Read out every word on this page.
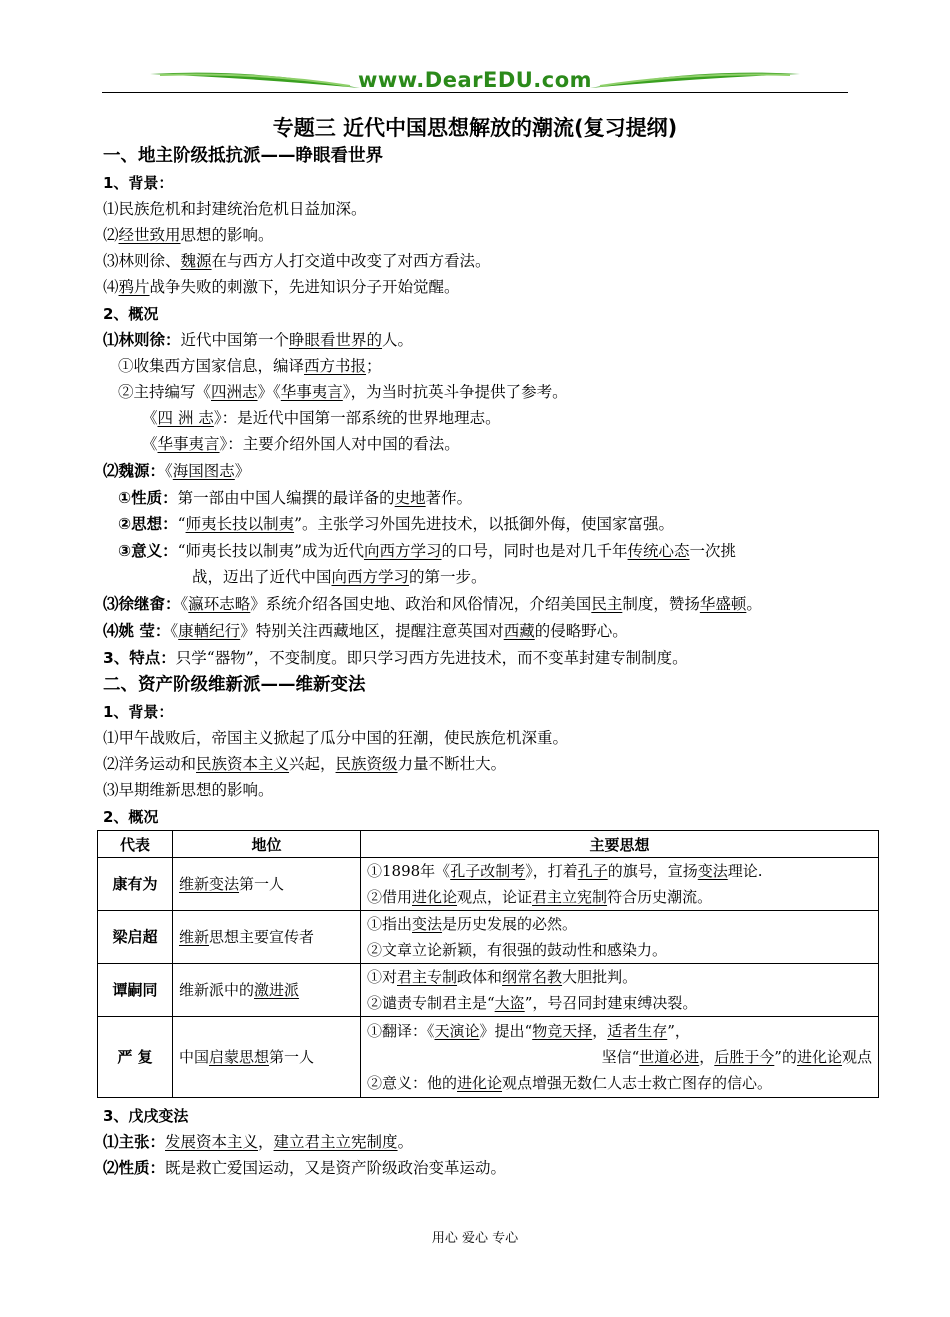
www.DearEDU.com
专题三 近代中国思想解放的潮流(复习提纲)
一、地主阶级抵抗派——睁眼看世界
1、背景：
⑴民族危机和封建统治危机日益加深。
⑵经世致用思想的影响。
⑶林则徐、魏源在与西方人打交道中改变了对西方看法。
⑷鸦片战争失败的刺激下，先进知识分子开始觉醒。
2、概况
⑴林则徐：近代中国第一个睁眼看世界的人。
①收集西方国家信息，编译西方书报；
②主持编写《四洲志》《华事夷言》，为当时抗英斗争提供了参考。
《四 洲 志》：是近代中国第一部系统的世界地理志。
《华事夷言》：主要介绍外国人对中国的看法。
⑵魏源：《海国图志》
①性质：第一部由中国人编撰的最详备的史地著作。
②思想：“师夷长技以制夷”。主张学习外国先进技术，以抵御外侮，使国家富强。
③意义：“师夷长技以制夷”成为近代向西方学习的口号，同时也是对几千年传统心态一次挑
战，迈出了近代中国向西方学习的第一步。
⑶徐继畬：《瀛环志略》系统介绍各国史地、政治和风俗情况，介绍美国民主制度，赞扬华盛顿。
⑷姚 莹：《康輶纪行》特别关注西藏地区，提醒注意英国对西藏的侵略野心。
3、特点：只学“器物”，不变制度。即只学习西方先进技术，而不变革封建专制制度。
二、资产阶级维新派——维新变法
1、背景：
⑴甲午战败后，帝国主义掀起了瓜分中国的狂潮，使民族危机深重。
⑵洋务运动和民族资本主义兴起，民族资级力量不断壮大。
⑶早期维新思想的影响。
2、概况
代表	地位	主要思想
康有为	维新变法第一人	①1898年《孔子改制考》，打着孔子的旗号，宣扬变法理论.
②借用进化论观点，论证君主立宪制符合历史潮流。

梁启超	维新思想主要宣传者	①指出变法是历史发展的必然。
②文章立论新颖，有很强的鼓动性和感染力。

谭嗣同	维新派中的激进派	①对君主专制政体和纲常名教大胆批判。
②谴责专制君主是“大盗”，号召同封建束缚决裂。

严 复	中国启蒙思想第一人	①翻译：《天演论》提出“物竞天择，适者生存”，
坚信“世道必进，后胜于今”的进化论观点
②意义：他的进化论观点增强无数仁人志士救亡图存的信心。
3、戊戌变法
⑴主张：发展资本主义，建立君主立宪制度。
⑵性质：既是救亡爱国运动，又是资产阶级政治变革运动。
用心 爱心 专心
